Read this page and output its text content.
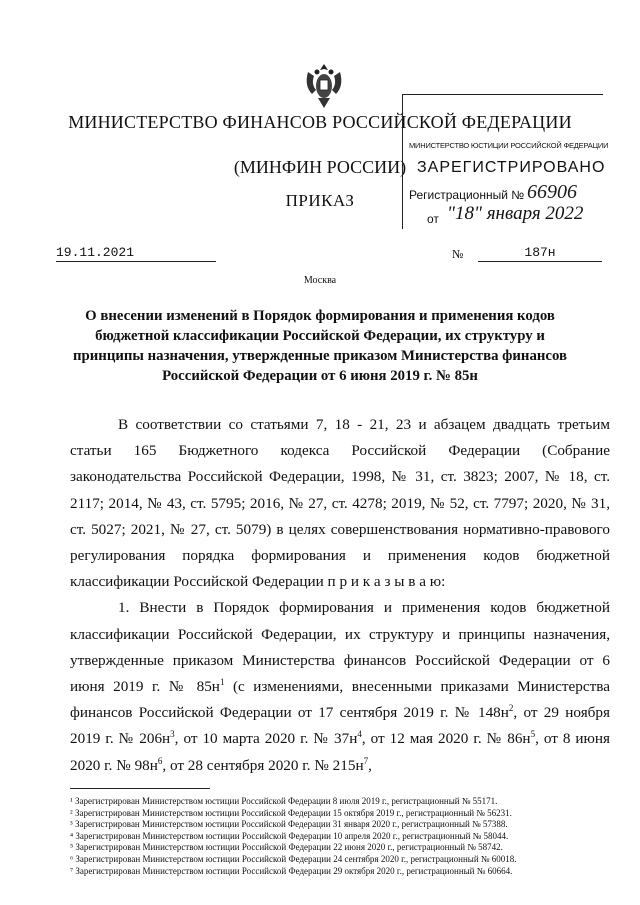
МИНИСТЕРСТВО ФИНАНСОВ РОССИЙСКОЙ ФЕДЕРАЦИИ
(МИНФИН РОССИИ)
ПРИКАЗ
МИНИСТЕРСТВО ЮСТИЦИИ РОССИЙСКОЙ ФЕДЕРАЦИИ
ЗАРЕГИСТРИРОВАНО
Регистрационный № 66906
от "18" января 2022
19.11.2021	№	187н
Москва
О внесении изменений в Порядок формирования и применения кодов бюджетной классификации Российской Федерации, их структуру и принципы назначения, утвержденные приказом Министерства финансов Российской Федерации от 6 июня 2019 г. № 85н

В соответствии со статьями 7, 18 - 21, 23 и абзацем двадцать третьим статьи 165 Бюджетного кодекса Российской Федерации (Собрание законодательства Российской Федерации, 1998, № 31, ст. 3823; 2007, № 18, ст. 2117; 2014, № 43, ст. 5795; 2016, № 27, ст. 4278; 2019, № 52, ст. 7797; 2020, № 31, ст. 5027; 2021, № 27, ст. 5079) в целях совершенствования нормативно-правового регулирования порядка формирования и применения кодов бюджетной классификации Российской Федерации п р и к а з ы в а ю:

1. Внести в Порядок формирования и применения кодов бюджетной классификации Российской Федерации, их структуру и принципы назначения, утвержденные приказом Министерства финансов Российской Федерации от 6 июня 2019 г. № $85н^1$ (с изменениями, внесенными приказами Министерства финансов Российской Федерации от 17 сентября 2019 г. № $148н^2$, от 29 ноября 2019 г. № $206н^3$, от 10 марта 2020 г. № $37н^4$, от 12 мая 2020 г. № $86н^5$, от 8 июня 2020 г. № $98н^6$, от 28 сентября 2020 г. № $215н^7$,

¹ Зарегистрирован Министерством юстиции Российской Федерации 8 июля 2019 г., регистрационный № 55171.
² Зарегистрирован Министерством юстиции Российской Федерации 15 октября 2019 г., регистрационный № 56231.
³ Зарегистрирован Министерством юстиции Российской Федерации 31 января 2020 г., регистрационный № 57388.
⁴ Зарегистрирован Министерством юстиции Российской Федерации 10 апреля 2020 г., регистрационный № 58044.
⁵ Зарегистрирован Министерством юстиции Российской Федерации 22 июня 2020 г., регистрационный № 58742.
⁶ Зарегистрирован Министерством юстиции Российской Федерации 24 сентября 2020 г., регистрационный № 60018.
⁷ Зарегистрирован Министерством юстиции Российской Федерации 29 октября 2020 г., регистрационный № 60664.
